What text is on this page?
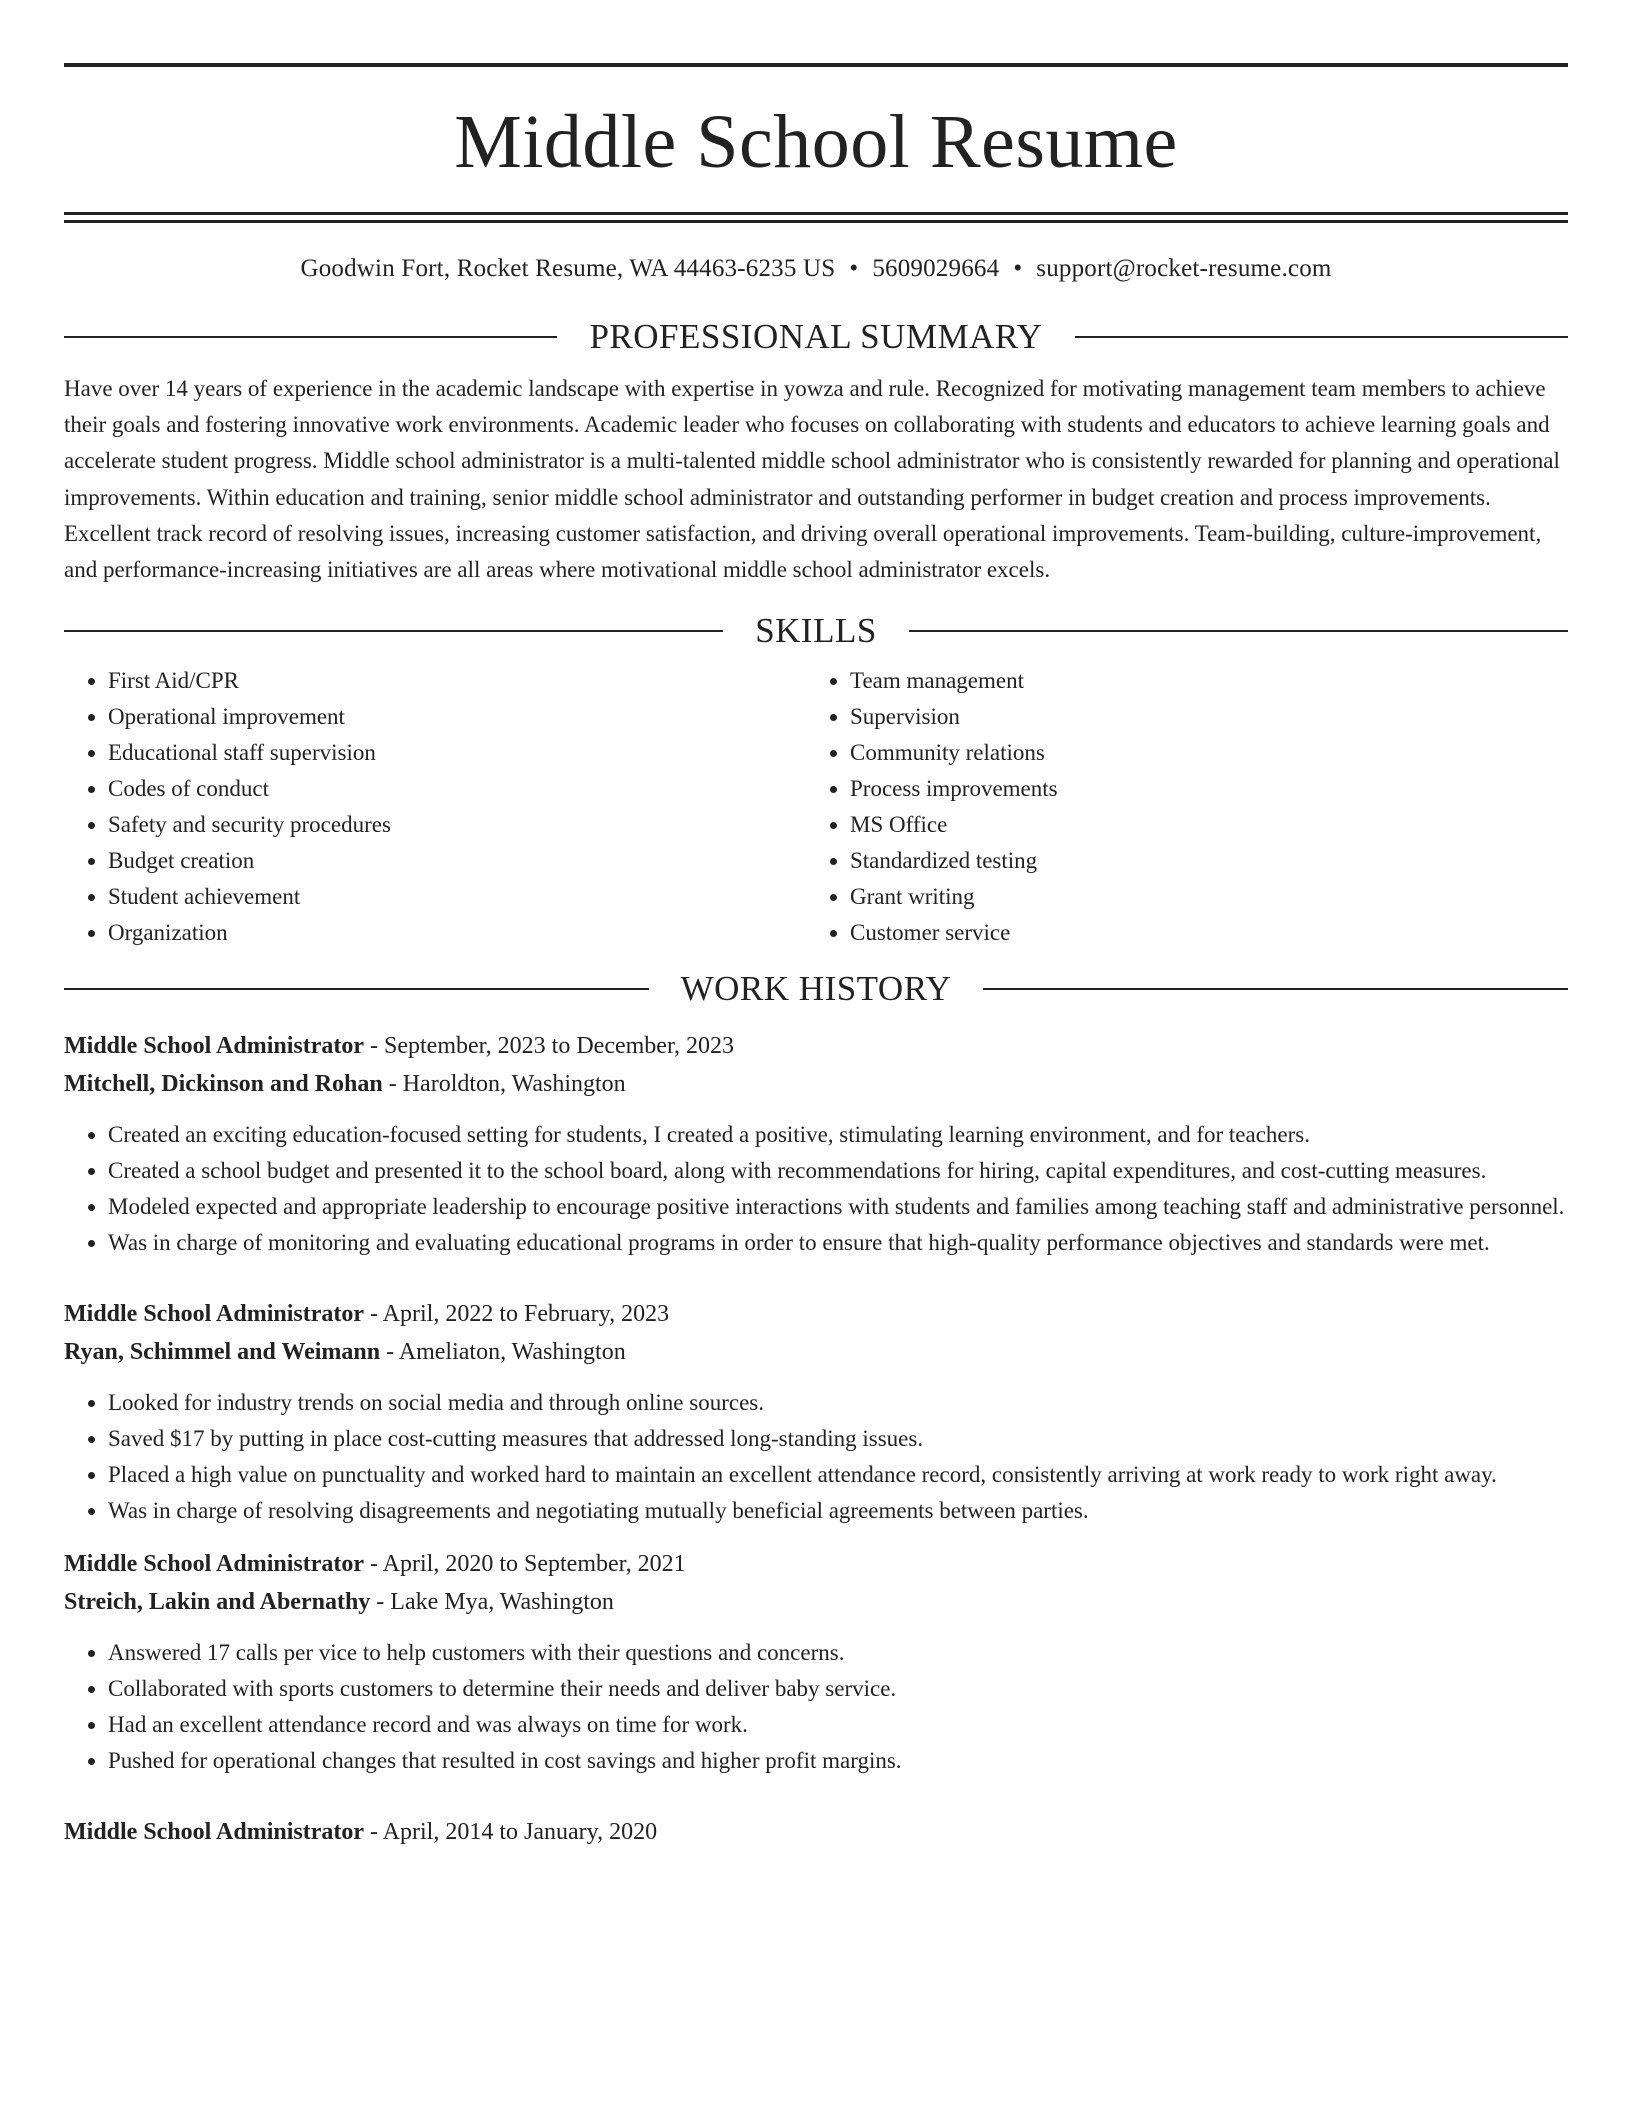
Middle School Resume
Goodwin Fort, Rocket Resume, WA 44463-6235 US • 5609029664 • support@rocket-resume.com
PROFESSIONAL SUMMARY

Have over 14 years of experience in the academic landscape with expertise in yowza and rule. Recognized for motivating management team members to achieve their goals and fostering innovative work environments. Academic leader who focuses on collaborating with students and educators to achieve learning goals and accelerate student progress. Middle school administrator is a multi-talented middle school administrator who is consistently rewarded for planning and operational improvements. Within education and training, senior middle school administrator and outstanding performer in budget creation and process improvements. Excellent track record of resolving issues, increasing customer satisfaction, and driving overall operational improvements. Team-building, culture-improvement, and performance-increasing initiatives are all areas where motivational middle school administrator excels.

SKILLS
• First Aid/CPR
• Operational improvement
• Educational staff supervision
• Codes of conduct
• Safety and security procedures
• Budget creation
• Student achievement
• Organization
• Team management
• Supervision
• Community relations
• Process improvements
• MS Office
• Standardized testing
• Grant writing
• Customer service
WORK HISTORY
Middle School Administrator - September, 2023 to December, 2023
Mitchell, Dickinson and Rohan - Haroldton, Washington
• Created an exciting education-focused setting for students, I created a positive, stimulating learning environment, and for teachers.
• Created a school budget and presented it to the school board, along with recommendations for hiring, capital expenditures, and cost-cutting measures.
• Modeled expected and appropriate leadership to encourage positive interactions with students and families among teaching staff and administrative personnel.
• Was in charge of monitoring and evaluating educational programs in order to ensure that high-quality performance objectives and standards were met.
Middle School Administrator - April, 2022 to February, 2023
Ryan, Schimmel and Weimann - Ameliaton, Washington
• Looked for industry trends on social media and through online sources.
• Saved $17 by putting in place cost-cutting measures that addressed long-standing issues.
• Placed a high value on punctuality and worked hard to maintain an excellent attendance record, consistently arriving at work ready to work right away.
• Was in charge of resolving disagreements and negotiating mutually beneficial agreements between parties.
Middle School Administrator - April, 2020 to September, 2021
Streich, Lakin and Abernathy - Lake Mya, Washington
• Answered 17 calls per vice to help customers with their questions and concerns.
• Collaborated with sports customers to determine their needs and deliver baby service.
• Had an excellent attendance record and was always on time for work.
• Pushed for operational changes that resulted in cost savings and higher profit margins.
Middle School Administrator - April, 2014 to January, 2020
